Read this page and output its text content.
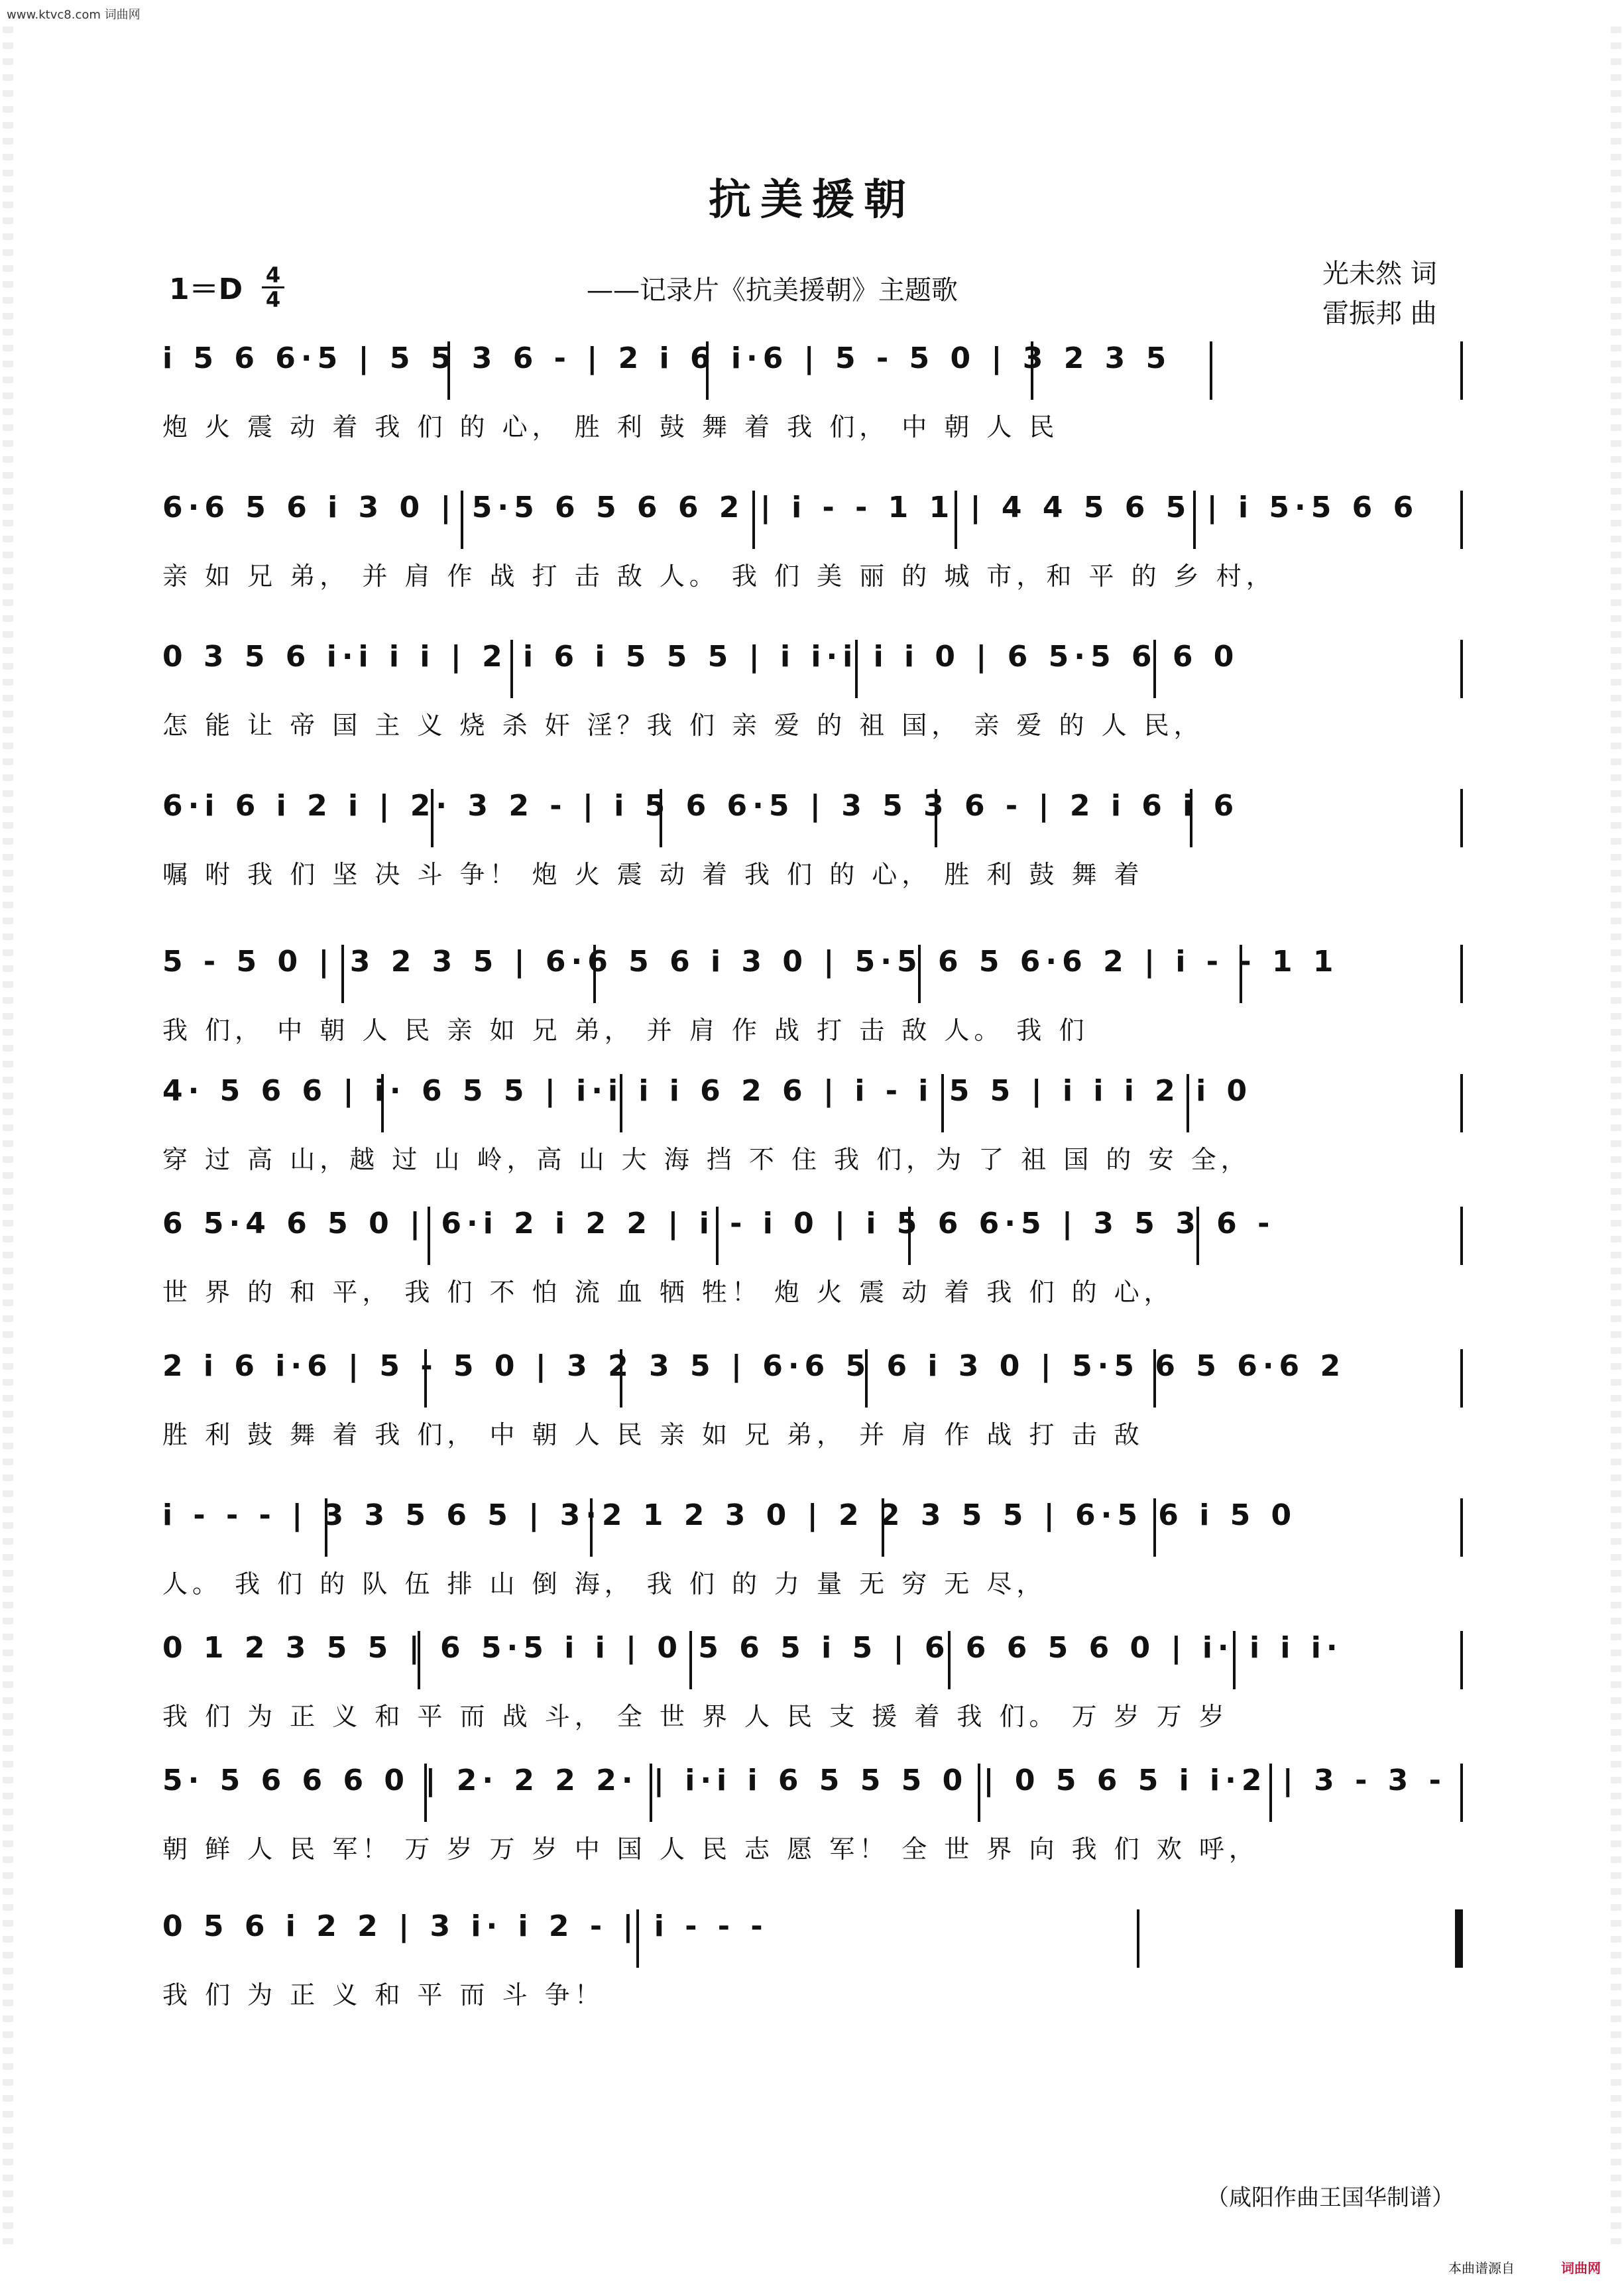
www.ktvc8.com 词曲网
抗美援朝
1＝D 4
4	——记录片《抗美援朝》主题歌
光未然 词
雷振邦 曲
i 5 6 6·5 | 5 5 3 6 - | 2 i 6 i·6 | 5 - 5 0 | 3 2 3 5
炮 火 震 动 着 我 们 的 心， 胜 利 鼓 舞 着 我 们， 中 朝 人 民
6·6 5 6 i 3 0 | 5·5 6 5 6 6 2 | i - - 1 1 | 4 4 5 6 5 | i 5·5 6 6
亲 如 兄 弟， 并 肩 作 战 打 击 敌 人。 我 们 美 丽 的 城 市，和 平 的 乡 村，
0 3 5 6 i·i i i | 2 i 6 i 5 5 5 | i i·i i i 0 | 6 5·5 6 6 0
怎 能 让 帝 国 主 义 烧 杀 奸 淫？我 们 亲 爱 的 祖 国， 亲 爱 的 人 民，
6·i 6 i 2 i | 2· 3 2 - | i 5 6 6·5 | 3 5 3 6 - | 2 i 6 i 6
嘱 咐 我 们 坚 决 斗 争！ 炮 火 震 动 着 我 们 的 心， 胜 利 鼓 舞 着
5 - 5 0 | 3 2 3 5 | 6·6 5 6 i 3 0 | 5·5 6 5 6·6 2 | i - - 1 1
我 们， 中 朝 人 民 亲 如 兄 弟， 并 肩 作 战 打 击 敌 人。 我 们
4· 5 6 6 | i· 6 5 5 | i·i i i 6 2 6 | i - i 5 5 | i i i 2 i 0
穿 过 高 山，越 过 山 岭，高 山 大 海 挡 不 住 我 们，为 了 祖 国 的 安 全，
6 5·4 6 5 0 | 6·i 2 i 2 2 | i - i 0 | i 5 6 6·5 | 3 5 3 6 -
世 界 的 和 平， 我 们 不 怕 流 血 牺 牲！ 炮 火 震 动 着 我 们 的 心，
2 i 6 i·6 | 5 - 5 0 | 3 2 3 5 | 6·6 5 6 i 3 0 | 5·5 6 5 6·6 2
胜 利 鼓 舞 着 我 们， 中 朝 人 民 亲 如 兄 弟， 并 肩 作 战 打 击 敌
i - - - | 3 3 5 6 5 | 3·2 1 2 3 0 | 2 2 3 5 5 | 6·5 6 i 5 0
人。 我 们 的 队 伍 排 山 倒 海， 我 们 的 力 量 无 穷 无 尽，
0 1 2 3 5 5 | 6 5·5 i i | 0 5 6 5 i 5 | 6 6 6 5 6 0 | i· i i i·
我 们 为 正 义 和 平 而 战 斗， 全 世 界 人 民 支 援 着 我 们。 万 岁 万 岁
5· 5 6 6 6 0 | 2· 2 2 2· | i·i i 6 5 5 5 0 | 0 5 6 5 i i·2 | 3 - 3 -
朝 鲜 人 民 军！ 万 岁 万 岁 中 国 人 民 志 愿 军！ 全 世 界 向 我 们 欢 呼，
0 5 6 i 2 2 | 3 i· i 2 - | i - - -
我 们 为 正 义 和 平 而 斗 争！
（咸阳作曲王国华制谱）
本曲谱源自	词曲网
